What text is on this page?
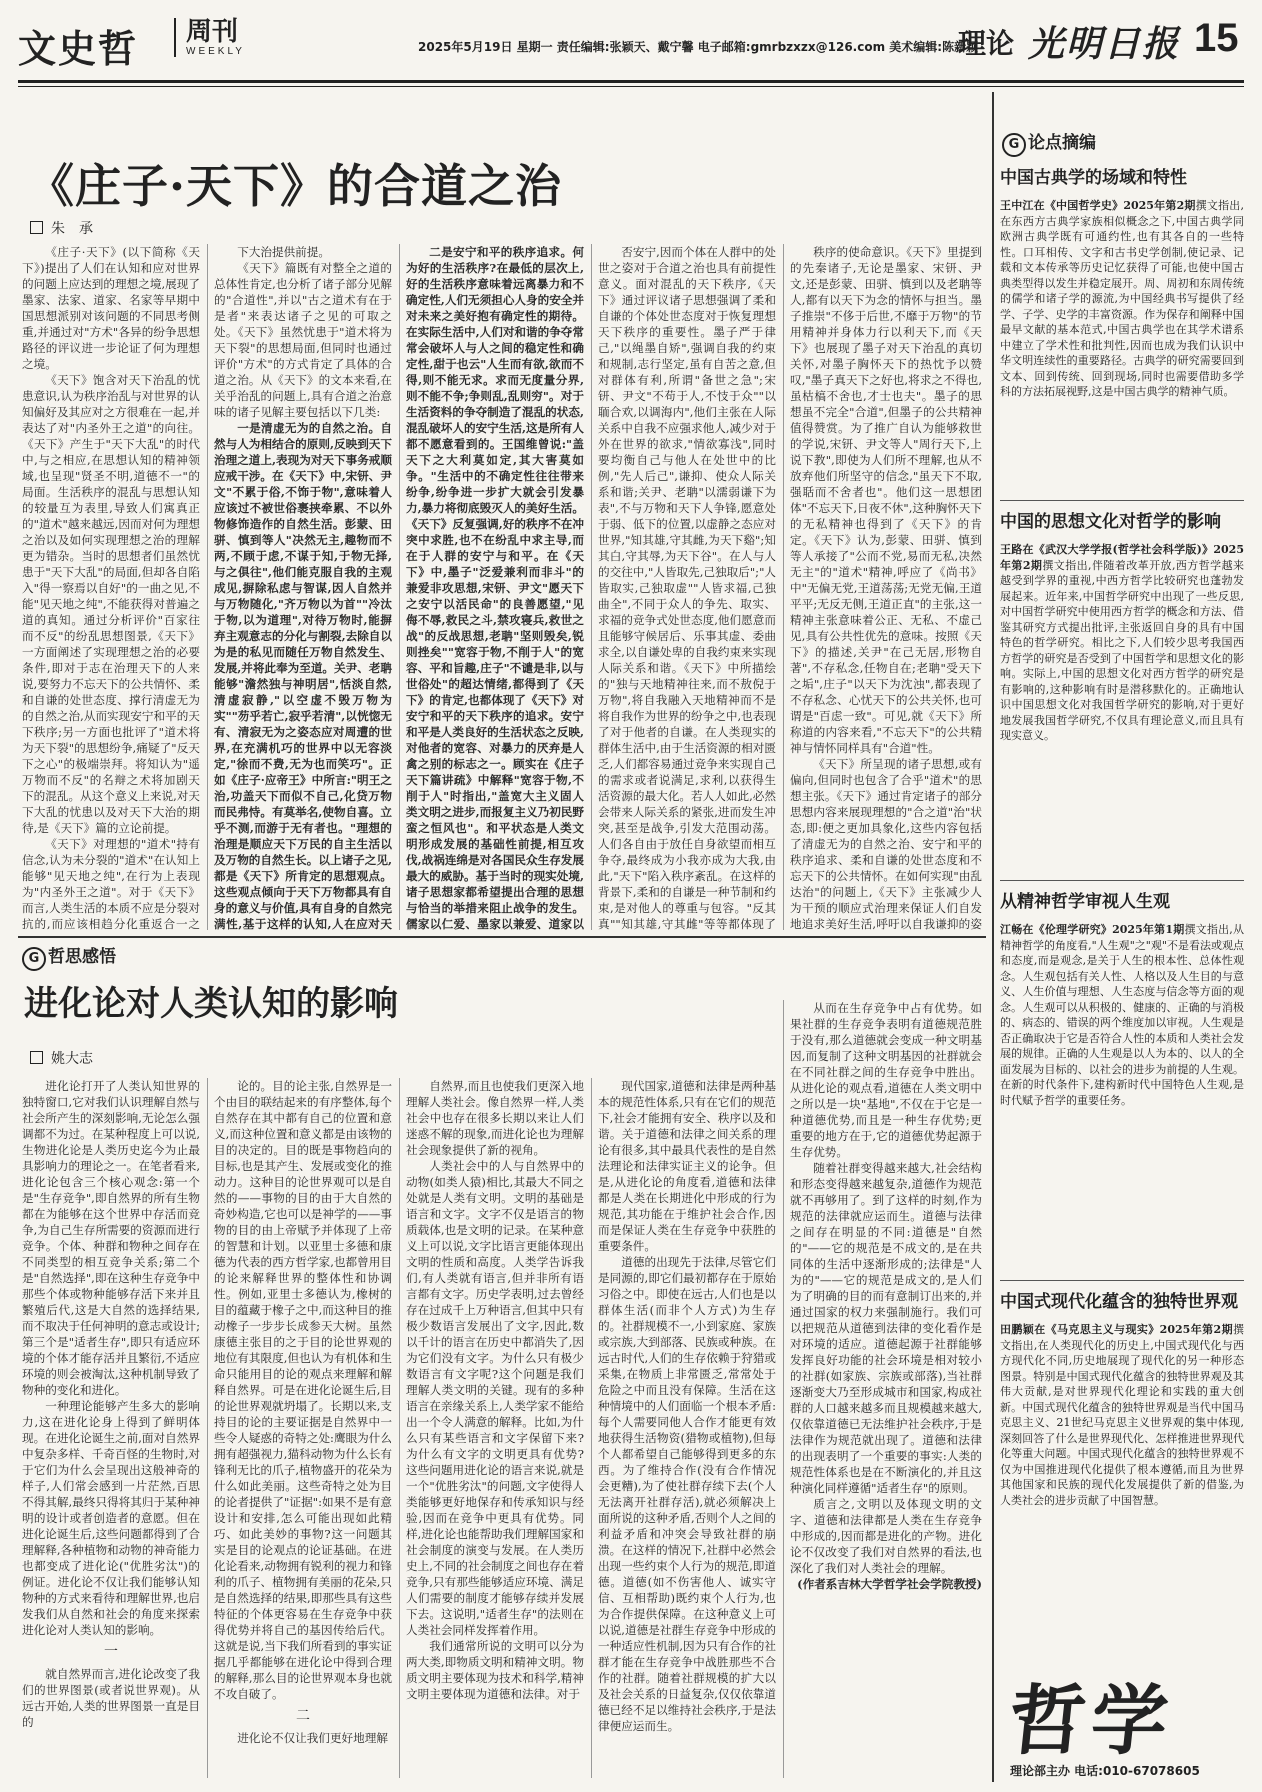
文史哲 周刊
WEEKLY	2025年5月19日 星期一 责任编辑:张颖天、戴宁馨 电子邮箱:gmrbzxzx@126.com 美术编辑:陈新颖
理论 光明日报 15
《庄子·天下》的合道之治
朱　承

《庄子·天下》(以下简称《天下》)提出了人们在认知和应对世界的问题上应达到的理想之境,展现了墨家、法家、道家、名家等早期中国思想派别对该问题的不同思考侧重,并通过对"方术"各异的纷争思想路径的评议进一步论证了何为理想之境。

《天下》饱含对天下治乱的忧患意识,认为秩序治乱与对世界的认知偏好及其应对之方很难在一起,并表达了对"内圣外王之道"的向往。《天下》产生于"天下大乱"的时代中,与之相应,在思想认知的精神领域,也呈现"贤圣不明,道德不一"的局面。生活秩序的混乱与思想认知的较量互为表里,导致人们寓真正的"道术"越来越远,因而对何为理想之治以及如何实现理想之治的理解更为错杂。当时的思想者们虽然忧患于"天下大乱"的局面,但却各自陷入"得一察焉以自好"的一曲之见,不能"见天地之纯",不能获得对普遍之道的真知。通过分析评价"百家往而不反"的纷乱思想图景,《天下》一方面阐述了实现理想之治的必要条件,即对于志在治理天下的人来说,要努力不忘天下的公共情怀、柔和自谦的处世态度、撑行清虚无为的自然之治,从而实现安宁和平的天下秩序;另一方面也批评了"道术将为天下裂"的思想纷争,痛疑了"反天下之心"的极端崇拜。将知认为"遥万物而不反"的名辩之术将加剧天下的混乱。从这个意义上来说,对天下大乱的忧患以及对天下大治的期待,是《天下》篇的立论前提。

《天下》对理想的"道术"持有信念,认为未分裂的"道术"在认知上能够"见天地之纯",在行为上表现为"内圣外王之道"。对于《天下》而言,人类生活的本质不应是分裂对抗的,而应该相趋分化重返合一之

下大治提供前提。

《天下》篇既有对整全之道的总体性肯定,也分析了诸子部分见解的"合道性",并以"古之道术有在于是者"来表达诸子之见的可取之处。《天下》虽然忧患于"道术将为天下裂"的思想局面,但同时也通过评价"方术"的方式肯定了具体的合道之治。从《天下》的文本来看,在关乎治乱的问题上,具有合道之治意味的诸子见解主要包括以下几类:

一是清虚无为的自然之治。自然与人为相结合的原则,反映到天下治理之道上,表现为对天下事务戒顺应戒干涉。在《天下》中,宋钘、尹文"不累于俗,不饰于物",意味着人应该过不被世俗裹挟牵累、不以外物修饰造作的自然生活。彭蒙、田骈、慎到等人"决然无主,趣物而不两,不顾于虑,不谋于知,于物无择,与之俱往",他们能克服自我的主观成见,摒除私虑与智谋,因人自然并与万物随化,"齐万物以为首""冷汰于物,以为道理",对待万物时,能摒弃主观意志的分化与割裂,去除自以为是的私见而随任万物自然发生、发展,并将此奉为至道。关尹、老聃能够"澹然独与神明居",恬淡自然,清虚寂静,"以空虚不毁万物为实""芴乎若亡,寂乎若清",以恍惚无有、清寂无为之姿态应对周遭的世界,在充满机巧的世界中以无容淡定,"徐而不费,无为也而笑巧"。正如《庄子·应帝王》中所言:"明王之治,功盖天下而似不自己,化贷万物而民弗恃。有莫举名,使物自喜。立乎不测,而游于无有者也。"理想的治理是顺应天下万民的自主生活以及万物的自然生长。以上诸子之见,都是《天下》所肯定的思想观点。这些观点倾向于天下万物都具有自身的意义与价值,具有自身的自然完满性,基于这样的认知,人在应对天

二是安宁和平的秩序追求。何为好的生活秩序?在最低的层次上,好的生活秩序意味着远离暴力和不确定性,人们无须担心人身的安全并对未来之美好抱有确定性的期待。在实际生活中,人们对和谐的争夺常常会破坏人与人之间的稳定性和确定性,甜于也云"人生而有欲,欲而不得,则不能无求。求而无度量分界,则不能不争;争则乱,乱则穷"。对于生活资料的争夺制造了混乱的状态,混乱破坏人的安宁生活,这是所有人都不愿意看到的。王国维曾说:"盖天下之大利莫如定,其大害莫如争。"生活中的不确定性往往带来纷争,纷争进一步扩大就会引发暴力,暴力将彻底毁灭人的美好生活。《天下》反复强调,好的秩序不在冲突中求胜,也不在纷乱中求主导,而在于人群的安宁与和平。在《天下》中,墨子"泛爱兼利而非斗"的兼爱非攻思想,宋钘、尹文"愿天下之安宁以活民命"的良善愿望,"见侮不辱,救民之斗,禁攻寝兵,救世之战"的反战思想,老聃"坚则毁矣,锐则挫矣""宽容于物,不削于人"的宽容、平和旨趣,庄子"不谴是非,以与世俗处"的超达情绪,都得到了《天下》的肯定,也都体现了《天下》对安宁和平的天下秩序的追求。安宁和平是人类良好的生活状态之反映,对他者的宽容、对暴力的厌弃是人禽之别的标志之一。顾实在《庄子天下篇讲疏》中解释"宽容于物,不削于人"时指出,"盖宽大主义固人类文明之进步,而报复主义乃初民野蛮之恒风也"。和平状态是人类文明形成发展的基础性前提,相互攻伐,战祸连绵是对各国民众生存发展最大的威胁。基于当时的现实处境,诸子思想家都希望提出合理的思想与恰当的举措来阻止战争的发生。儒家以仁爱、墨家以兼爱、道家以

否安宁,因而个体在人群中的处世之姿对于合道之治也具有前提性意义。面对混乱的天下秩序,《天下》通过评议诸子思想强调了柔和自谦的个体处世态度对于恢复理想天下秩序的重要性。墨子严于律己,"以绳墨自矫",强调自我的约束和规制,志行坚定,虽有自苦之意,但对群体有利,所谓"备世之急";宋钘、尹文"不苟于人,不忮于众""以聏合欢,以调海内",他们主张在人际关系中自我不应强求他人,减少对于外在世界的欲求,"情欲寡浅",同时要均衡自己与他人在处世中的比例,"先人后己",谦抑、使众人际关系和谐;关尹、老聃"以濡弱谦下为表",不与万物和天下人争锋,愿意处于弱、低下的位置,以虚静之态应对世界,"知其雄,守其雌,为天下谿";知其白,守其辱,为天下谷"。在人与人的交往中,"人皆取先,己独取后";"人皆取实,己独取虚""人皆求福,己独曲全",不同于众人的争先、取实、求福的竞争式处世态度,他们愿意而且能够守候居后、乐事其虚、委曲求全,以自谦处卑的自我约束来实现人际关系和谐。《天下》中所描绘的"独与天地精神往来,而不敖倪于万物",将自我融入天地精神而不是将自我作为世界的纷争之中,也表现了对于他者的自谦。在人类现实的群体生活中,由于生活资源的相对匮乏,人们都容易通过竞争来实现自己的需求或者说满足,求利,以获得生活资源的最大化。若人人如此,必然会带来人际关系的紧张,进而发生冲突,甚至是战争,引发大范围动荡。人们各自由于放任自身欲望而相互争夺,最终成为小我亦成为大我,由此,"天下"陷入秩序紊乱。在这样的背景下,柔和的自谦是一种节制和约束,是对他人的尊重与包容。"反其真""知其雄,守其雌"等等都体现了

秩序的使命意识。《天下》里提到的先秦诸子,无论是墨家、宋钘、尹文,还是彭蒙、田骈、慎到以及老聃等人,都有以天下为念的情怀与担当。墨子推崇"不侈于后世,不靡于万物"的节用精神并身体力行以利天下,而《天下》也展现了墨子对天下治乱的真切关怀,对墨子胸怀天下的热忱予以赞叹,"墨子真天下之好也,将求之不得也,虽枯槁不舍也,才士也夫"。墨子的思想虽不完全"合道",但墨子的公共精神值得赞赏。为了推广自认为能够救世的学说,宋钘、尹文等人"周行天下,上说下教",即使为人们所不理解,也从不放弃他们所坚守的信念,"虽天下不取,强聒而不舍者也"。他们这一思想团体"不忘天下,日夜不休",这种胸怀天下的无私精神也得到了《天下》的肯定。《天下》认为,彭蒙、田骈、慎到等人承接了"公而不党,易而无私,决然无主"的"道术"精神,呼应了《尚书》中"无偏无党,王道荡荡;无党无偏,王道平平;无反无侧,王道正直"的主张,这一精神主张意味着公正、无私、不虚己见,具有公共性优先的意味。按照《天下》的描述,关尹"在己无居,形物自著",不存私念,任物自在;老聃"受天下之垢",庄子"以天下为沈浊",都表现了不存私念、心忧天下的公共关怀,也可谓是"百虑一致"。可见,就《天下》所称道的内容来看,"不忘天下"的公共精神与情怀同样具有"合道"性。

《天下》所呈现的诸子思想,或有偏向,但同时也包含了合乎"道术"的思想主张。《天下》通过肯定诸子的部分思想内容来展现理想的"合之道"治"状态,即:便之更加具象化,这些内容包括了清虚无为的自然之治、安宁和平的秩序追求、柔和自谦的处世态度和不忘天下的公共情怀。在如何实现"由乱达治"的问题上,《天下》主张减少人为干预的顺应式治理来保证人们自发地追求美好生活,呼吁以自我谦抑的姿

G 哲思感悟
进化论对人类认知的影响
姚大志

进化论打开了人类认知世界的独特窗口,它对我们认识理解自然与社会所产生的深刻影响,无论怎么强调都不为过。在某种程度上可以说,生物进化论是人类历史迄今为止最具影响力的理论之一。在笔者看来,进化论包含三个核心观念:第一个是"生存竞争",即自然界的所有生物都在为能够在这个世界中存活而竞争,为自己生存所需要的资源而进行竞争。个体、种群和物种之间存在不同类型的相互竞争关系;第二个是"自然选择",即在这种生存竞争中那些个体或物种能够存活下来并且繁殖后代,这是大自然的选择结果,而不取决于任何神明的意志或设计;第三个是"适者生存",即只有适应环境的个体才能存活并且繁衍,不适应环境的则会被淘汰,这种机制导致了物种的变化和进化。

一种理论能够产生多大的影响力,这在进化论身上得到了鲜明体现。在进化论诞生之前,面对自然界中复杂多样、千奇百怪的生物时,对于它们为什么会呈现出这般神奇的样子,人们常会感到一片茫然,百思不得其解,最终只得将其归于某种神明的设计或者创造者的意愿。但在进化论诞生后,这些问题都得到了合理解释,各种植物和动物的神奇能力也都变成了进化论("优胜劣汰")的例证。进化论不仅让我们能够认知物种的方式来看待和理解世界,也启发我们从自然和社会的角度来探索进化论对人类认知的影响。

一

就自然界而言,进化论改变了我们的世界图景(或者说世界观)。从远古开始,人类的世界图景一直是目的

论的。目的论主张,自然界是一个由目的联结起来的有序整体,每个自然存在其中都有自己的位置和意义,而这种位置和意义都是由该物的目的决定的。目的既是事物趋向的目标,也是其产生、发展或变化的推动力。这种目的论世界观可以是自然的——事物的目的由于大自然的奇妙构造,它也可以是神学的——事物的目的由上帝赋予并体现了上帝的智慧和计划。以亚里士多德和康德为代表的西方哲学家,也都曾用目的论来解释世界的整体性和协调性。例如,亚里士多德认为,橡树的目的蕴藏于橡子之中,而这种目的推动橡子一步步长成参天大树。虽然康德主张目的之于目的论世界观的地位有其限度,但也认为有机体和生命只能用目的论的观点来理解和解释自然界。可是在进化论诞生后,目的论世界观就坍塌了。长期以来,支持目的论的主要证据是自然界中一些令人疑惑的奇特之处:鹰眼为什么拥有超强视力,猫科动物为什么长有锋利无比的爪子,植物盛开的花朵为什么如此美丽。这些奇特之处为目的论者提供了"证据":如果不是有意设计和安排,怎么可能出现如此精巧、如此美妙的事物?这一问题其实是目的论观点的论证基础。在进化论看来,动物拥有锐利的视力和锋利的爪子、植物拥有美丽的花朵,只是自然选择的结果,即那些具有这些特征的个体更容易在生存竞争中获得优势并将自己的基因传给后代。这就是说,当下我们所看到的事实证据几乎都能够在进化论中得到合理的解释,那么目的论世界观本身也就不攻自破了。

二

进化论不仅让我们更好地理解

自然界,而且也使我们更深入地理解人类社会。像自然界一样,人类社会中也存在很多长期以来让人们迷惑不解的现象,而进化论也为理解社会现象提供了新的视角。

人类社会中的人与自然界中的动物(如类人猿)相比,其最大不同之处就是人类有文明。文明的基础是语言和文字。文字不仅是语言的物质载体,也是文明的记录。在某种意义上可以说,文字比语言更能体现出文明的性质和高度。人类学告诉我们,有人类就有语言,但并非所有语言都有文字。历史学表明,过去曾经存在过成千上万种语言,但其中只有极少数语言发展出了文字,因此,数以千计的语言在历史中都消失了,因为它们没有文字。为什么只有极少数语言有文字呢?这个问题是我们理解人类文明的关键。现有的多种语言在亲缘关系上,人类学家不能给出一个令人满意的解释。比如,为什么只有某些语言和文字保留下来?为什么有文字的文明更具有优势?这些问题用进化论的语言来说,就是一个"优胜劣汰"的问题,文字使得人类能够更好地保存和传承知识与经验,因而在竞争中更具有优势。同样,进化论也能帮助我们理解国家和社会制度的演变与发展。在人类历史上,不同的社会制度之间也存在着竞争,只有那些能够适应环境、满足人们需要的制度才能够存续并发展下去。这说明,"适者生存"的法则在人类社会同样发挥着作用。

我们通常所说的文明可以分为两大类,即物质文明和精神文明。物质文明主要体现为技术和科学,精神文明主要体现为道德和法律。对于

现代国家,道德和法律是两种基本的规范性体系,只有在它们的规范下,社会才能拥有安全、秩序以及和谐。关于道德和法律之间关系的理论有很多,其中最具代表性的是自然法理论和法律实证主义的论争。但是,从进化论的角度看,道德和法律都是人类在长期进化中形成的行为规范,其功能在于维护社会合作,因而是保证人类在生存竞争中获胜的重要条件。

道德的出现先于法律,尽管它们是同源的,即它们最初都存在于原始习俗之中。即使在远古,人们也是以群体生活(而非个人方式)为生存的。社群规模不一,小到家庭、家族或宗族,大到部落、民族或种族。在远古时代,人们的生存依赖于狩猎或采集,在物质上非常匮乏,常常处于危险之中而且没有保障。生活在这种情境中的人们面临一个根本矛盾:每个人需要同他人合作才能更有效地获得生活物资(猎物或植物),但每个人都希望自己能够得到更多的东西。为了维持合作(没有合作情况会更糟),为了使社群存续下去(个人无法离开社群存活),就必须解决上面所说的这种矛盾,否则个人之间的利益矛盾和冲突会导致社群的崩溃。在这样的情况下,社群中必然会出现一些约束个人行为的规范,即道德。道德(如不伤害他人、诚实守信、互相帮助)既约束个人行为,也为合作提供保障。在这种意义上可以说,道德是社群生存竞争中形成的一种适应性机制,因为只有合作的社群才能在生存竞争中战胜那些不合作的社群。随着社群规模的扩大以及社会关系的日益复杂,仅仅依靠道德已经不足以维持社会秩序,于是法律便应运而生。

从而在生存竞争中占有优势。如果社群的生存竞争表明有道德规范胜于没有,那么道德就会变成一种文明基因,而复制了这种文明基因的社群就会在不同社群之间的生存竞争中胜出。从进化论的观点看,道德在人类文明中之所以是一块"基地",不仅在于它是一种道德优势,而且是一种生存优势;更重要的地方在于,它的道德优势起源于生存优势。

随着社群变得越来越大,社会结构和形态变得越来越复杂,道德作为规范就不再够用了。到了这样的时刻,作为规范的法律就应运而生。道德与法律之间存在明显的不同:道德是"自然的"——它的规范是不成文的,是在共同体的生活中逐渐形成的;法律是"人为的"——它的规范是成文的,是人们为了明确的目的而有意制订出来的,并通过国家的权力来强制施行。我们可以把规范从道德到法律的变化看作是对环境的适应。道德起源于社群能够发挥良好功能的社会环境是相对较小的社群(如家族、宗族或部落),当社群逐渐变大乃至形成城市和国家,构成社群的人口越来越多而且规模越来越大,仅依靠道德已无法维护社会秩序,于是法律作为规范就出现了。道德和法律的出现表明了一个重要的事实:人类的规范性体系也是在不断演化的,并且这种演化同样遵循"适者生存"的原则。

质言之,文明以及体现文明的文字、道德和法律都是人类在生存竞争中形成的,因而都是进化的产物。进化论不仅改变了我们对自然界的看法,也深化了我们对人类社会的理解。

(作者系吉林大学哲学社会学院教授)

G 论点摘编
中国古典学的场域和特性
王中江在《中国哲学史》2025年第2期撰文指出,在东西方古典学家族相似概念之下,中国古典学同欧洲古典学既有可通约性,也有其各自的一些特性。口耳相传、文字和古书史学创制,使记录、记载和文本传承等历史记忆获得了可能,也使中国古典类型得以发生并稳定展开。周、周初和东周传统的儒学和诸子学的源流,为中国经典书写提供了经学、子学、史学的丰富资源。作为保存和阐释中国最早文献的基本范式,中国古典学也在其学术谱系中建立了学术性和批判性,因而也成为我们认识中华文明连续性的重要路径。古典学的研究需要回到文本、回到传统、回到现场,同时也需要借助多学科的方法拓展视野,这是中国古典学的精神气质。
中国的思想文化对哲学的影响
王路在《武汉大学学报(哲学社会科学版)》2025年第2期撰文指出,伴随着改革开放,西方哲学越来越受到学界的重视,中西方哲学比较研究也蓬勃发展起来。近年来,中国哲学研究中出现了一些反思,对中国哲学研究中使用西方哲学的概念和方法、借鉴其研究方式提出批评,主张返回自身的具有中国特色的哲学研究。相比之下,人们较少思考我国西方哲学的研究是否受到了中国哲学和思想文化的影响。实际上,中国的思想文化对西方哲学的研究是有影响的,这种影响有时是潜移默化的。正确地认识中国思想文化对我国哲学研究的影响,对于更好地发展我国哲学研究,不仅具有理论意义,而且具有现实意义。
从精神哲学审视人生观
江畅在《伦理学研究》2025年第1期撰文指出,从精神哲学的角度看,"人生观"之"观"不是看法或观点和态度,而是观念,是关于人生的根本性、总体性观念。人生观包括有关人性、人格以及人生目的与意义、人生价值与理想、人生态度与信念等方面的观念。人生观可以从积极的、健康的、正确的与消极的、病态的、错误的两个维度加以审视。人生观是否正确取决于它是否符合人性的本质和人类社会发展的规律。正确的人生观是以人为本的、以人的全面发展为目标的、以社会的进步为前提的人生观。在新的时代条件下,建构新时代中国特色人生观,是时代赋予哲学的重要任务。
中国式现代化蕴含的独特世界观
田鹏颖在《马克思主义与现实》2025年第2期撰文指出,在人类现代化的历史上,中国式现代化与西方现代化不同,历史地展现了现代化的另一种形态图景。特别是中国式现代化蕴含的独特世界观及其伟大贡献,是对世界现代化理论和实践的重大创新。中国式现代化蕴含的独特世界观是当代中国马克思主义、21世纪马克思主义世界观的集中体现,深刻回答了什么是世界现代化、怎样推进世界现代化等重大问题。中国式现代化蕴含的独特世界观不仅为中国推进现代化提供了根本遵循,而且为世界其他国家和民族的现代化发展提供了新的借鉴,为人类社会的进步贡献了中国智慧。
哲学
理论部主办 电话:010-67078605
